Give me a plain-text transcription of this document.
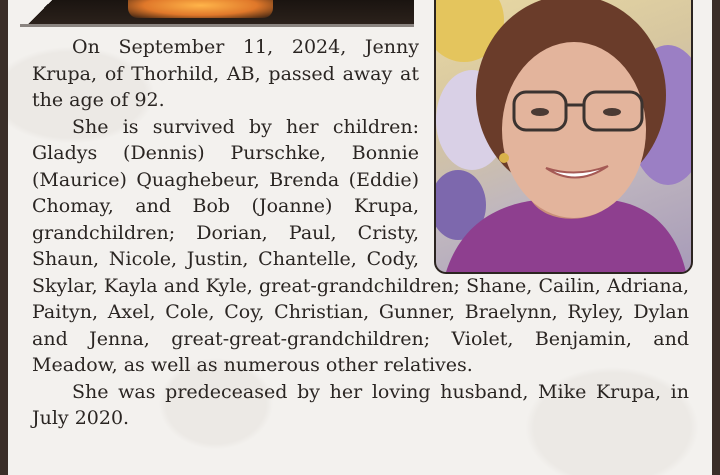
On September 11, 2024, Jenny Krupa, of Thorhild, AB, passed away at the age of 92.

She is survived by her children: Gladys (Dennis) Purschke, Bonnie (Maurice) Quaghebeur, Brenda (Eddie) Chomay, and Bob (Joanne) Krupa, grandchildren; Dorian, Paul, Cristy, Shaun, Nicole, Justin, Chantelle, Cody, Skylar, Kayla and Kyle, great-grandchildren; Shane, Cailin, Adriana, Paityn, Axel, Cole, Coy, Christian, Gunner, Braelynn, Ryley, Dylan and Jenna, great-great-grandchildren; Violet, Benjamin, and Meadow, as well as numerous other relatives.

She was predeceased by her loving husband, Mike Krupa, in July 2020.
